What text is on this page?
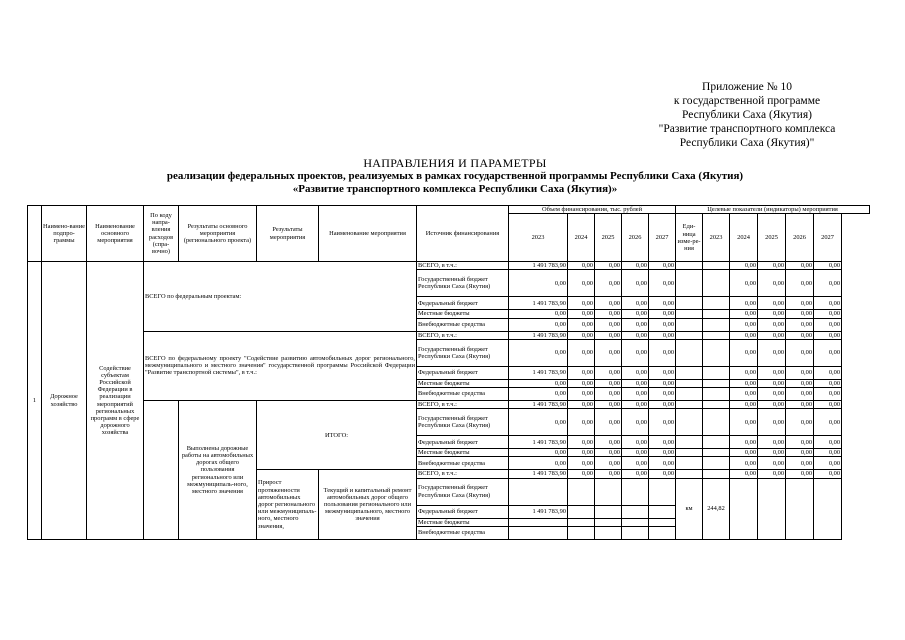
Приложение № 10
к государственной программе
Республики Саха (Якутия)
"Развитие транспортного комплекса
Республики Саха (Якутия)"
НАПРАВЛЕНИЯ И ПАРАМЕТРЫ
реализации федеральных проектов, реализуемых в рамках государственной программы Республики Саха (Якутия)
«Развитие транспортного комплекса Республики Саха (Якутия)»
	Наимено-вание подпро-граммы	Наименование основного мероприятия	По коду напра-вления расходов (спра-вочно)	Результаты основного мероприятия (регионального проекта)	Результаты мероприятия	Наименование мероприятия	Источник финансирования	Объем финансирования, тыс. рублей					Целевые показатели (индикаторы) мероприятия					
								2023	2024	2025	2026	2027	Еди-ница изме-ре-ния	2023	2024	2025	2026	2027
1	Дорожное хозяйство	Содействие субъектам Российской Федерации в реализации мероприятий региональных программ в сфере дорожного хозяйства	ВСЕГО по федеральным проектам:				ВСЕГО, в т.ч.:	1 491 783,90	0,00	0,00	0,00	0,00			0,00	0,00	0,00	0,00
							Государственный бюджет Республики Саха (Якутия)	0,00	0,00	0,00	0,00	0,00			0,00	0,00	0,00	0,00
							Федеральный бюджет	1 491 783,90	0,00	0,00	0,00	0,00			0,00	0,00	0,00	0,00
							Местные бюджеты	0,00	0,00	0,00	0,00	0,00			0,00	0,00	0,00	0,00
							Внебюджетные средства	0,00	0,00	0,00	0,00	0,00			0,00	0,00	0,00	0,00
			ВСЕГО по федеральному проекту "Содействие развитию автомобильных дорог регионального, межмуниципального и местного значения" государственной программы Российской Федерации "Развитие транспортной системы", в т.ч.:				ВСЕГО, в т.ч.:	1 491 783,90	0,00	0,00	0,00	0,00			0,00	0,00	0,00	0,00
							Государственный бюджет Республики Саха (Якутия)	0,00	0,00	0,00	0,00	0,00			0,00	0,00	0,00	0,00
							Федеральный бюджет	1 491 783,90	0,00	0,00	0,00	0,00			0,00	0,00	0,00	0,00
							Местные бюджеты	0,00	0,00	0,00	0,00	0,00			0,00	0,00	0,00	0,00
							Внебюджетные средства	0,00	0,00	0,00	0,00	0,00			0,00	0,00	0,00	0,00
				Выполнены дорожные работы на автомобильных дорогах общего пользования регионального или межмуниципаль-ного, местного значения	ИТОГО:		ВСЕГО, в т.ч.:	1 491 783,90	0,00	0,00	0,00	0,00			0,00	0,00	0,00	0,00
							Государственный бюджет Республики Саха (Якутия)	0,00	0,00	0,00	0,00	0,00			0,00	0,00	0,00	0,00
							Федеральный бюджет	1 491 783,90	0,00	0,00	0,00	0,00			0,00	0,00	0,00	0,00
							Местные бюджеты	0,00	0,00	0,00	0,00	0,00			0,00	0,00	0,00	0,00
							Внебюджетные средства	0,00	0,00	0,00	0,00	0,00			0,00	0,00	0,00	0,00
					Прирост протяженности автомобильных дорог регионального или межмуниципаль-ного, местного значения,	Текущий и капитальный ремонт автомобильных дорог общего пользования регионального или межмуниципального, местного значения	ВСЕГО, в т.ч.:	1 491 783,90	0,00	0,00	0,00	0,00			0,00	0,00	0,00	0,00
							Государственный бюджет Республики Саха (Якутия)						км	244,82				
							Федеральный бюджет	1 491 783,90										
							Местные бюджеты											
							Внебюджетные средства											
